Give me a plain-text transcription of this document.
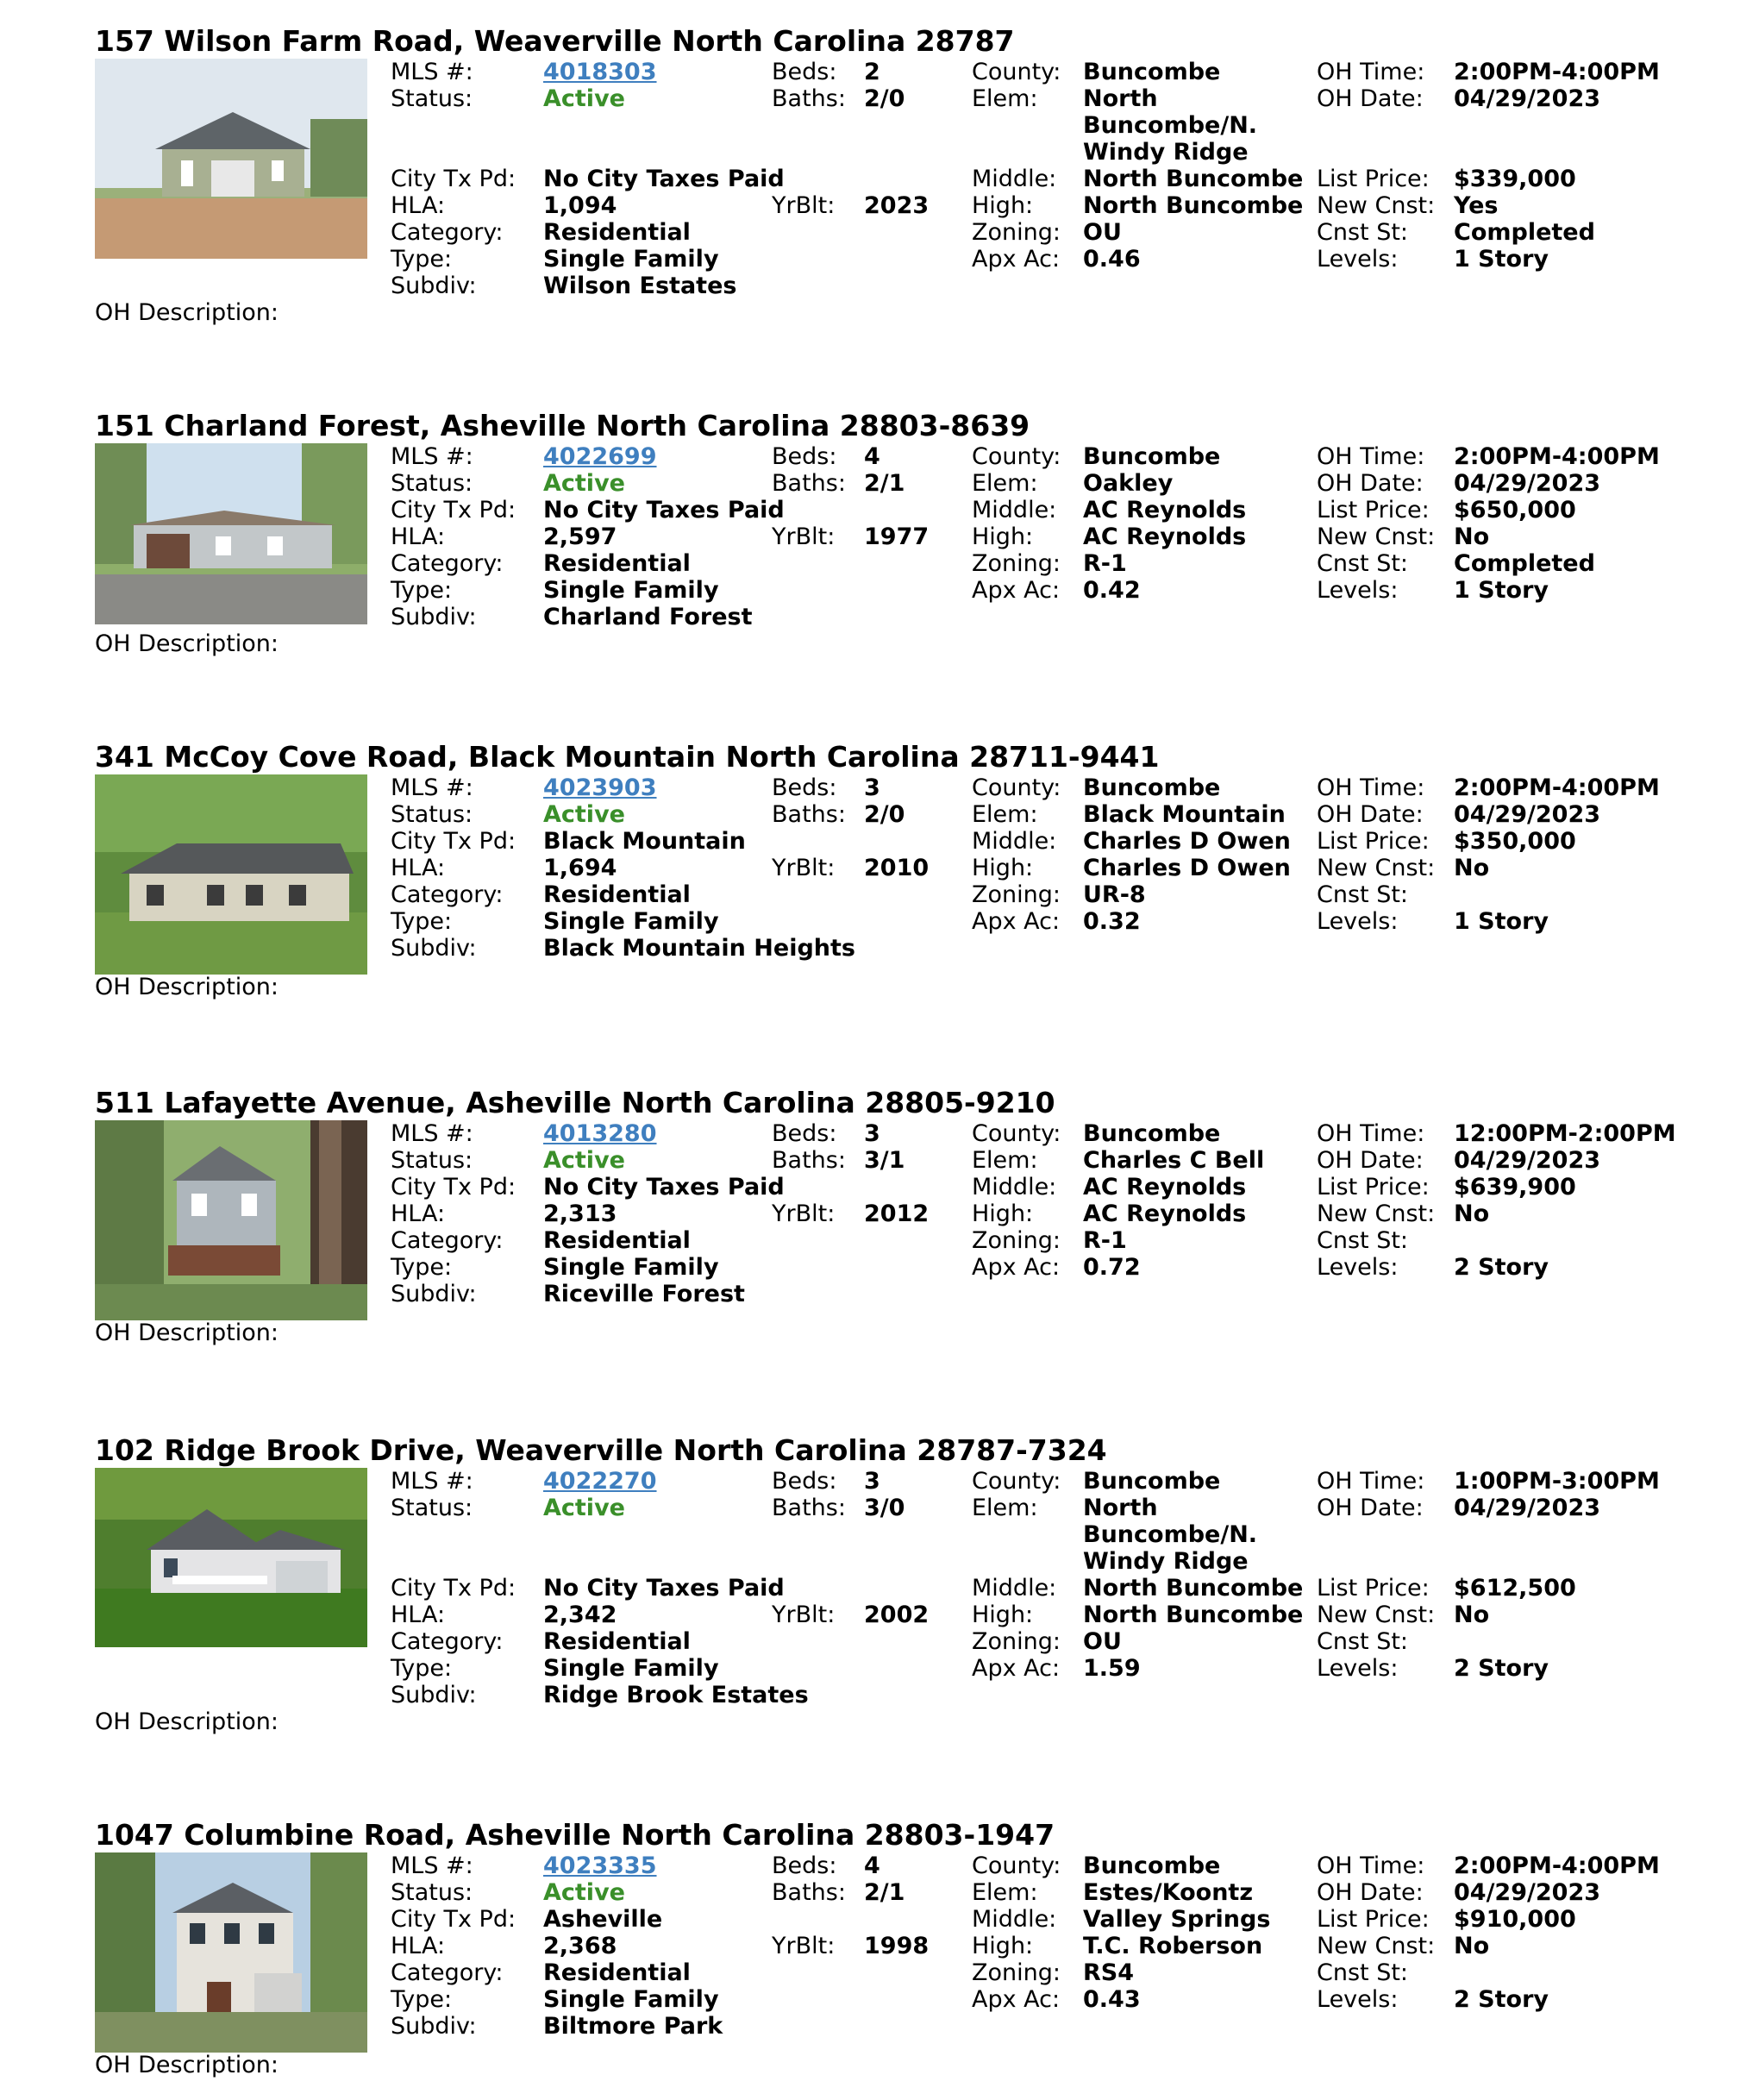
157 Wilson Farm Road, Weaverville North Carolina 28787
MLS #:	4018303
Status:	Active
City Tx Pd: No City Taxes Paid
HLA:	1,094
Category: Residential
Type:	Single Family
Subdiv:	Wilson Estates
Beds: 2
Baths: 2/0
YrBlt: 2023
County: Buncombe
Elem: North
Buncombe/N.
Windy Ridge
Middle: North Buncombe
High: North Buncombe
Zoning: OU
Apx Ac: 0.46
OH Time: 2:00PM-4:00PM
OH Date: 04/29/2023
List Price: $339,000
New Cnst: Yes
Cnst St: Completed
Levels: 1 Story
OH Description:
151 Charland Forest, Asheville North Carolina 28803-8639
MLS #:	4022699
Status:	Active
City Tx Pd: No City Taxes Paid
HLA:	2,597
Category: Residential
Type:	Single Family
Subdiv:	Charland Forest
Beds: 4
Baths: 2/1
YrBlt: 1977
County: Buncombe
Elem: Oakley
Middle: AC Reynolds
High: AC Reynolds
Zoning: R-1
Apx Ac: 0.42
OH Time: 2:00PM-4:00PM
OH Date: 04/29/2023
List Price: $650,000
New Cnst: No
Cnst St: Completed
Levels: 1 Story
OH Description:
341 McCoy Cove Road, Black Mountain North Carolina 28711-9441
MLS #:	4023903
Status:	Active
City Tx Pd: Black Mountain
HLA:	1,694
Category: Residential
Type:	Single Family
Subdiv:	Black Mountain Heights
Beds: 3
Baths: 2/0
YrBlt: 2010
County: Buncombe
Elem: Black Mountain
Middle: Charles D Owen
High: Charles D Owen
Zoning: UR-8
Apx Ac: 0.32
OH Time: 2:00PM-4:00PM
OH Date: 04/29/2023
List Price: $350,000
New Cnst: No
Cnst St:
Levels: 1 Story
OH Description:
511 Lafayette Avenue, Asheville North Carolina 28805-9210
MLS #:	4013280
Status:	Active
City Tx Pd: No City Taxes Paid
HLA:	2,313
Category: Residential
Type:	Single Family
Subdiv:	Riceville Forest
Beds: 3
Baths: 3/1
YrBlt: 2012
County: Buncombe
Elem: Charles C Bell
Middle: AC Reynolds
High: AC Reynolds
Zoning: R-1
Apx Ac: 0.72
OH Time: 12:00PM-2:00PM
OH Date: 04/29/2023
List Price: $639,900
New Cnst: No
Cnst St:
Levels: 2 Story
OH Description:
102 Ridge Brook Drive, Weaverville North Carolina 28787-7324
MLS #:	4022270
Status:	Active
City Tx Pd: No City Taxes Paid
HLA:	2,342
Category: Residential
Type:	Single Family
Subdiv:	Ridge Brook Estates
Beds: 3
Baths: 3/0
YrBlt: 2002
County: Buncombe
Elem: North
Buncombe/N.
Windy Ridge
Middle: North Buncombe
High: North Buncombe
Zoning: OU
Apx Ac: 1.59
OH Time: 1:00PM-3:00PM
OH Date: 04/29/2023
List Price: $612,500
New Cnst: No
Cnst St:
Levels: 2 Story
OH Description:
1047 Columbine Road, Asheville North Carolina 28803-1947
MLS #:	4023335
Status:	Active
City Tx Pd: Asheville
HLA:	2,368
Category: Residential
Type:	Single Family
Subdiv:	Biltmore Park
Beds: 4
Baths: 2/1
YrBlt: 1998
County: Buncombe
Elem: Estes/Koontz
Middle: Valley Springs
High: T.C. Roberson
Zoning: RS4
Apx Ac: 0.43
OH Time: 2:00PM-4:00PM
OH Date: 04/29/2023
List Price: $910,000
New Cnst: No
Cnst St:
Levels: 2 Story
OH Description:
